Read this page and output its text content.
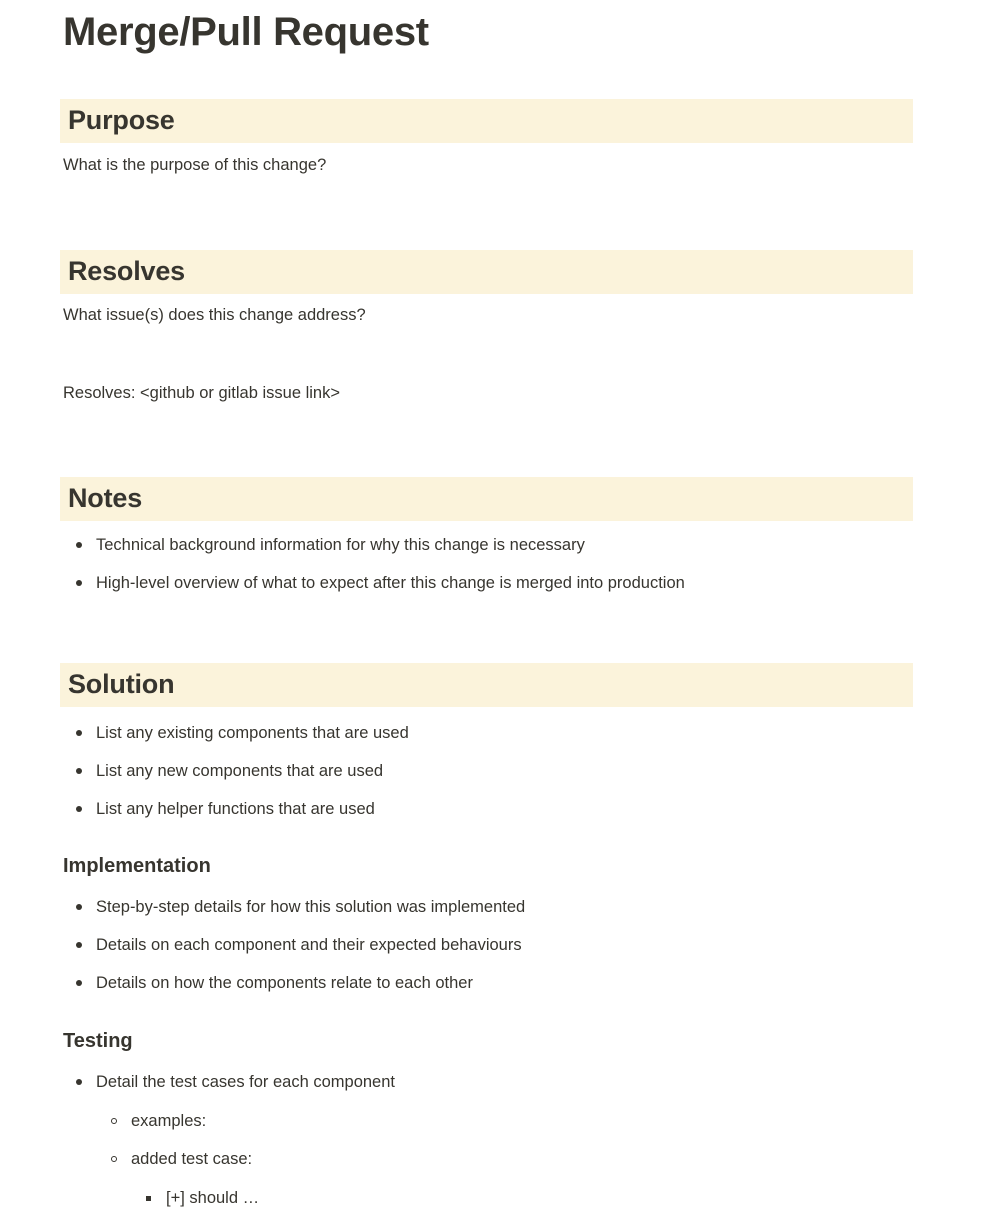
Merge/Pull Request
Purpose

What is the purpose of this change?

Resolves

What issue(s) does this change address?

Resolves: <github or gitlab issue link>

Notes
Technical background information for why this change is necessary
High-level overview of what to expect after this change is merged into production
Solution
List any existing components that are used
List any new components that are used
List any helper functions that are used
Implementation
Step-by-step details for how this solution was implemented
Details on each component and their expected behaviours
Details on how the components relate to each other
Testing
Detail the test cases for each component
examples:
added test case:
[+] should …
